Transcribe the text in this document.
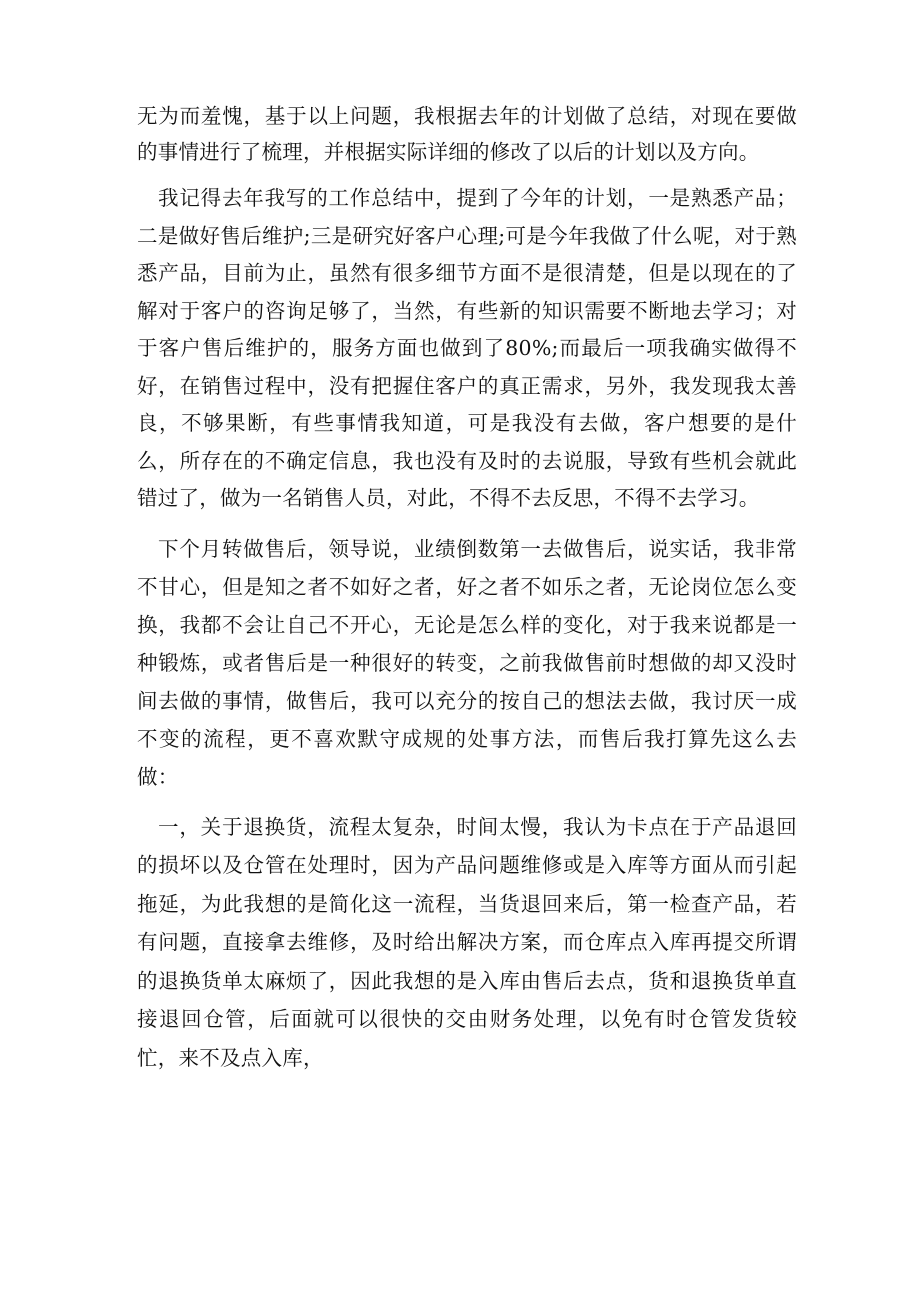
无为而羞愧，基于以上问题，我根据去年的计划做了总结，对现在要做的事情进行了梳理，并根据实际详细的修改了以后的计划以及方向。

我记得去年我写的工作总结中，提到了今年的计划，一是熟悉产品；二是做好售后维护;三是研究好客户心理;可是今年我做了什么呢，对于熟悉产品，目前为止，虽然有很多细节方面不是很清楚，但是以现在的了解对于客户的咨询足够了，当然，有些新的知识需要不断地去学习；对于客户售后维护的，服务方面也做到了80%;而最后一项我确实做得不好，在销售过程中，没有把握住客户的真正需求，另外，我发现我太善良，不够果断，有些事情我知道，可是我没有去做，客户想要的是什么，所存在的不确定信息，我也没有及时的去说服，导致有些机会就此错过了，做为一名销售人员，对此，不得不去反思，不得不去学习。

下个月转做售后，领导说，业绩倒数第一去做售后，说实话，我非常不甘心，但是知之者不如好之者，好之者不如乐之者，无论岗位怎么变换，我都不会让自己不开心，无论是怎么样的变化，对于我来说都是一种锻炼，或者售后是一种很好的转变，之前我做售前时想做的却又没时间去做的事情，做售后，我可以充分的按自己的想法去做，我讨厌一成不变的流程，更不喜欢默守成规的处事方法，而售后我打算先这么去做：

一，关于退换货，流程太复杂，时间太慢，我认为卡点在于产品退回的损坏以及仓管在处理时，因为产品问题维修或是入库等方面从而引起拖延，为此我想的是简化这一流程，当货退回来后，第一检查产品，若有问题，直接拿去维修，及时给出解决方案，而仓库点入库再提交所谓的退换货单太麻烦了，因此我想的是入库由售后去点，货和退换货单直接退回仓管，后面就可以很快的交由财务处理，以免有时仓管发货较忙，来不及点入库，
